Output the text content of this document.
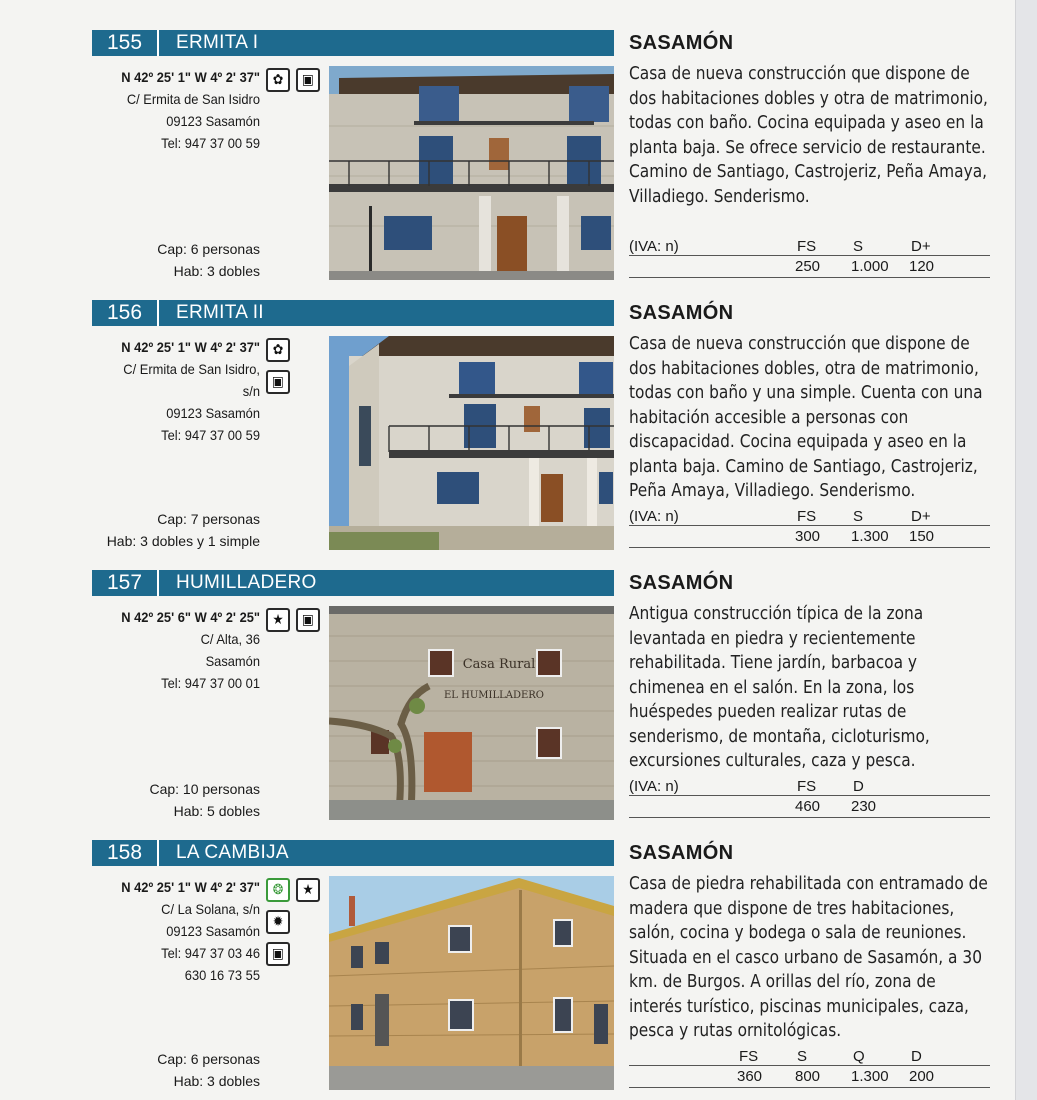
155	ERMITA I
N 42º 25' 1" W 4º 2' 37"
C/ Ermita de San Isidro
09123 Sasamón
Tel: 947 37 00 59
Cap: 6 personas
Hab: 3 dobles
✿	▣
SASAMÓN
Casa de nueva construcción que dispone de dos habitaciones dobles y otra de matrimonio, todas con baño. Cocina equipada y aseo en la planta baja. Se ofrece servicio de restaurante. Camino de Santiago, Castrojeriz, Peña Amaya, Villadiego. Senderismo.
(IVA: n)	FS S	D+
250 1.000 120
156	ERMITA II
N 42º 25' 1" W 4º 2' 37"
C/ Ermita de San Isidro,
s/n
09123 Sasamón
Tel: 947 37 00 59
Cap: 7 personas
Hab: 3 dobles y 1 simple
✿
▣
SASAMÓN
Casa de nueva construcción que dispone de dos habitaciones dobles, otra de matrimonio, todas con baño y una simple. Cuenta con una habitación accesible a personas con discapacidad. Cocina equipada y aseo en la planta baja. Camino de Santiago, Castrojeriz, Peña Amaya, Villadiego. Senderismo.
(IVA: n)	FS S	D+
300 1.300 150
157	HUMILLADERO
N 42º 25' 6" W 4º 2' 25"
C/ Alta, 36
Sasamón
Tel: 947 37 00 01
Cap: 10 personas
Hab: 5 dobles
★	▣
Casa Rural
EL HUMILLADERO
SASAMÓN
Antigua construcción típica de la zona levantada en piedra y recientemente rehabilitada. Tiene jardín, barbacoa y chimenea en el salón. En la zona, los huéspedes pueden realizar rutas de senderismo, de montaña, cicloturismo, excursiones culturales, caza y pesca.
(IVA: n)	FS D
460 230
158	LA CAMBIJA
N 42º 25' 1" W 4º 2' 37"
C/ La Solana, s/n
09123 Sasamón
Tel: 947 37 03 46
630 16 73 55
Cap: 6 personas
Hab: 3 dobles
❂	★
✹
▣
SASAMÓN
Casa de piedra rehabilitada con entramado de madera que dispone de tres habitaciones, salón, cocina y bodega o sala de reuniones. Situada en el casco urbano de Sasamón, a 30 km. de Burgos. A orillas del río, zona de interés turístico, piscinas municipales, caza, pesca y rutas ornitológicas.
FS	S	Q	D
360 800 1.300 200
